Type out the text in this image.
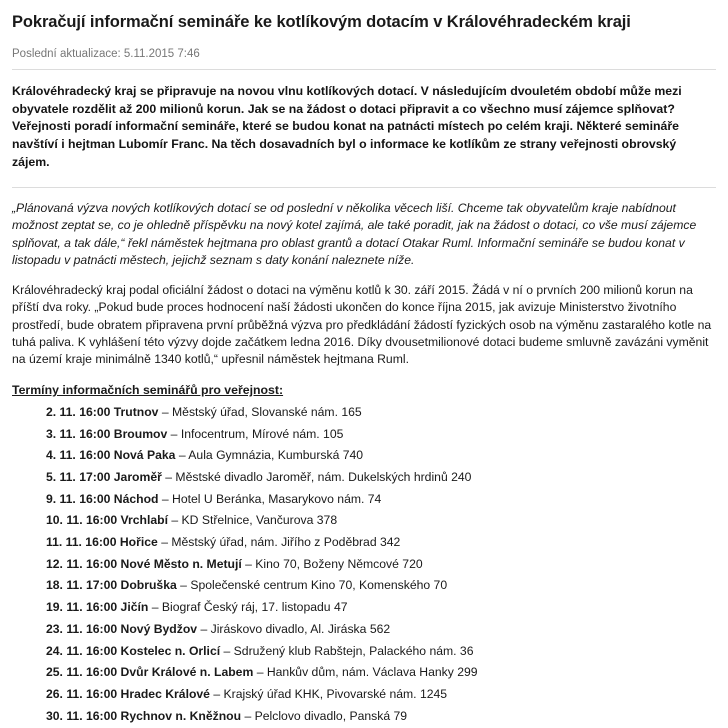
Pokračují informační semináře ke kotlíkovým dotacím v Královéhradeckém kraji
Poslední aktualizace: 5.11.2015 7:46

Královéhradecký kraj se připravuje na novou vlnu kotlíkových dotací. V následujícím dvouletém období může mezi obyvatele rozdělit až 200 milionů korun. Jak se na žádost o dotaci připravit a co všechno musí zájemce splňovat? Veřejnosti poradí informační semináře, které se budou konat na patnácti místech po celém kraji. Některé semináře navštíví i hejtman Lubomír Franc. Na těch dosavadních byl o informace ke kotlíkům ze strany veřejnosti obrovský zájem.

„Plánovaná výzva nových kotlíkových dotací se od poslední v několika věcech liší. Chceme tak obyvatelům kraje nabídnout možnost zeptat se, co je ohledně příspěvku na nový kotel zajímá, ale také poradit, jak na žádost o dotaci, co vše musí zájemce splňovat, a tak dále,“ řekl náměstek hejtmana pro oblast grantů a dotací Otakar Ruml. Informační semináře se budou konat v listopadu v patnácti městech, jejichž seznam s daty konání naleznete níže.

Královéhradecký kraj podal oficiální žádost o dotaci na výměnu kotlů k 30. září 2015. Žádá v ní o prvních 200 milionů korun na příští dva roky. „Pokud bude proces hodnocení naší žádosti ukončen do konce října 2015, jak avizuje Ministerstvo životního prostředí, bude obratem připravena první průběžná výzva pro předkládání žádostí fyzických osob na výměnu zastaralého kotle na tuhá paliva. K vyhlášení této výzvy dojde začátkem ledna 2016. Díky dvousetmilionové dotaci budeme smluvně zavázáni vyměnit na území kraje minimálně 1340 kotlů,“ upřesnil náměstek hejtmana Ruml.

Termíny informačních seminářů pro veřejnost:

2. 11. 16:00 Trutnov – Městský úřad, Slovanské nám. 165
3. 11. 16:00 Broumov – Infocentrum, Mírové nám. 105
4. 11. 16:00 Nová Paka – Aula Gymnázia, Kumburská 740
5. 11. 17:00 Jaroměř – Městské divadlo Jaroměř, nám. Dukelských hrdinů 240
9. 11. 16:00 Náchod – Hotel U Beránka, Masarykovo nám. 74
10. 11. 16:00 Vrchlabí – KD Střelnice, Vančurova 378
11. 11. 16:00 Hořice – Městský úřad, nám. Jiřího z Poděbrad 342
12. 11. 16:00 Nové Město n. Metují – Kino 70, Boženy Němcové 720
18. 11. 17:00 Dobruška – Společenské centrum Kino 70, Komenského 70
19. 11. 16:00 Jičín – Biograf Český ráj, 17. listopadu 47
23. 11. 16:00 Nový Bydžov – Jiráskovo divadlo, Al. Jiráska 562
24. 11. 16:00 Kostelec n. Orlicí – Sdružený klub Rabštejn, Palackého nám. 36
25. 11. 16:00 Dvůr Králové n. Labem – Hankův dům, nám. Václava Hanky 299
26. 11. 16:00 Hradec Králové – Krajský úřad KHK, Pivovarské nám. 1245
30. 11. 16:00 Rychnov n. Kněžnou – Pelclovo divadlo, Panská 79
